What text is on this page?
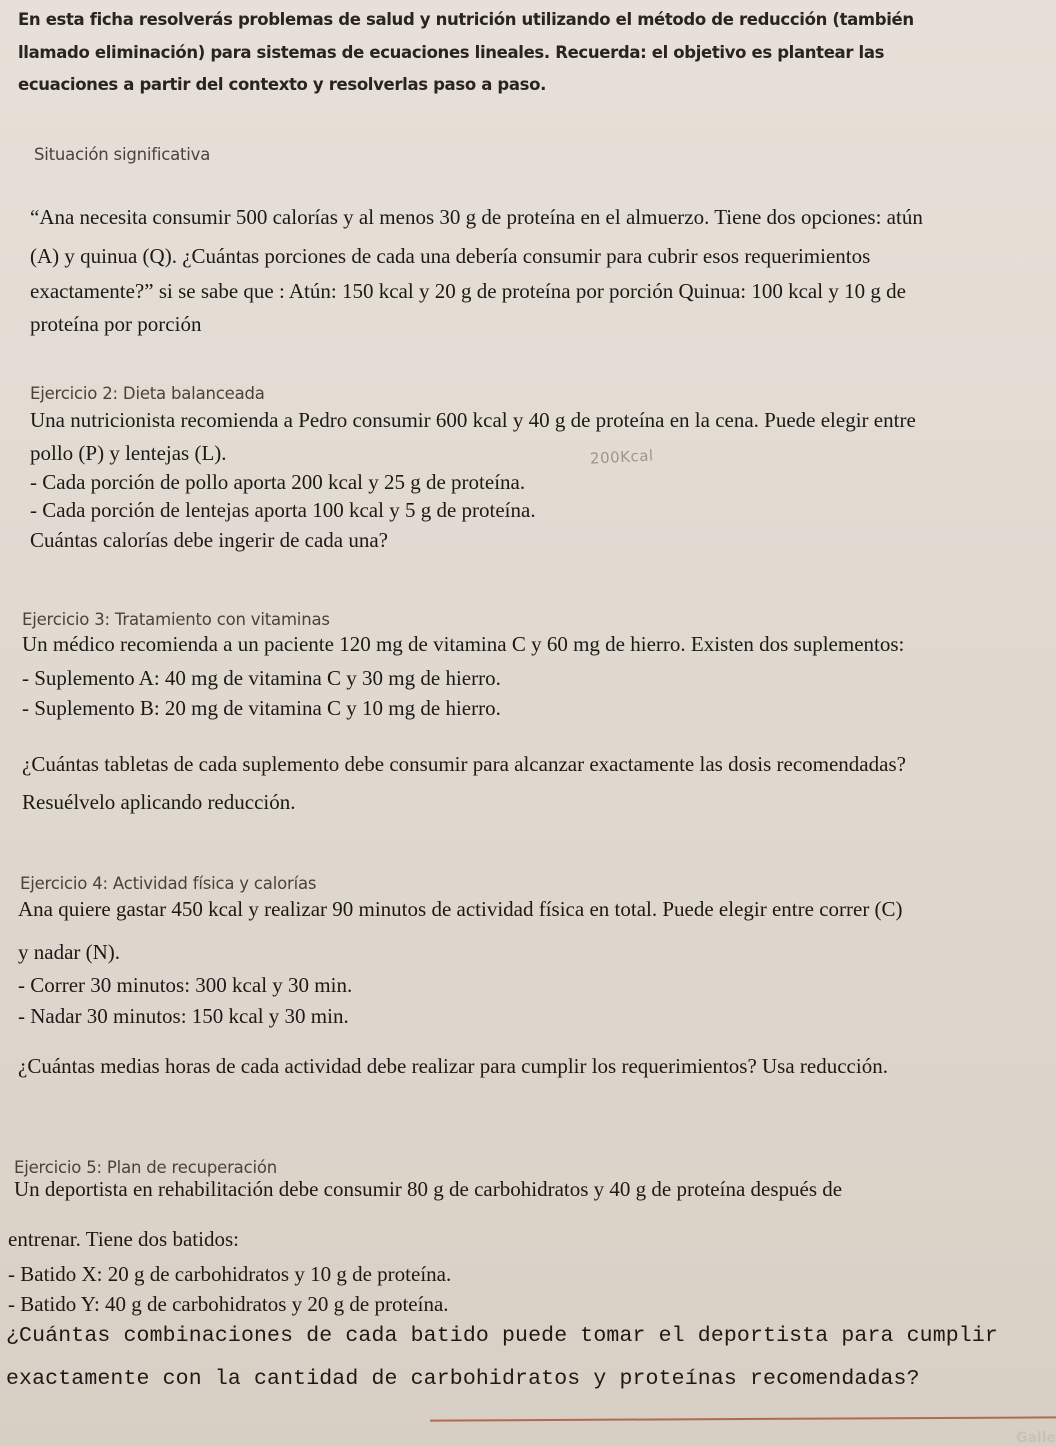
En esta ficha resolverás problemas de salud y nutrición utilizando el método de reducción (también
llamado eliminación) para sistemas de ecuaciones lineales. Recuerda: el objetivo es plantear las
ecuaciones a partir del contexto y resolverlas paso a paso.
Situación significativa
“Ana necesita consumir 500 calorías y al menos 30 g de proteína en el almuerzo. Tiene dos opciones: atún
(A) y quinua (Q). ¿Cuántas porciones de cada una debería consumir para cubrir esos requerimientos
exactamente?” si se sabe que : Atún: 150 kcal y 20 g de proteína por porción Quinua: 100 kcal y 10 g de
proteína por porción
Ejercicio 2: Dieta balanceada
Una nutricionista recomienda a Pedro consumir 600 kcal y 40 g de proteína en la cena. Puede elegir entre
pollo (P) y lentejas (L).	200Kcal
- Cada porción de pollo aporta 200 kcal y 25 g de proteína.
- Cada porción de lentejas aporta 100 kcal y 5 g de proteína.
Cuántas calorías debe ingerir de cada una?
Ejercicio 3: Tratamiento con vitaminas
Un médico recomienda a un paciente 120 mg de vitamina C y 60 mg de hierro. Existen dos suplementos:
- Suplemento A: 40 mg de vitamina C y 30 mg de hierro.
- Suplemento B: 20 mg de vitamina C y 10 mg de hierro.
¿Cuántas tabletas de cada suplemento debe consumir para alcanzar exactamente las dosis recomendadas?
Resuélvelo aplicando reducción.
Ejercicio 4: Actividad física y calorías
Ana quiere gastar 450 kcal y realizar 90 minutos de actividad física en total. Puede elegir entre correr (C)
y nadar (N).
- Correr 30 minutos: 300 kcal y 30 min.
- Nadar 30 minutos: 150 kcal y 30 min.
¿Cuántas medias horas de cada actividad debe realizar para cumplir los requerimientos? Usa reducción.
Ejercicio 5: Plan de recuperación
Un deportista en rehabilitación debe consumir 80 g de carbohidratos y 40 g de proteína después de
entrenar. Tiene dos batidos:
- Batido X: 20 g de carbohidratos y 10 g de proteína.
- Batido Y: 40 g de carbohidratos y 20 g de proteína.
¿Cuántas combinaciones de cada batido puede tomar el deportista para cumplir
exactamente con la cantidad de carbohidratos y proteínas recomendadas?
Galle
